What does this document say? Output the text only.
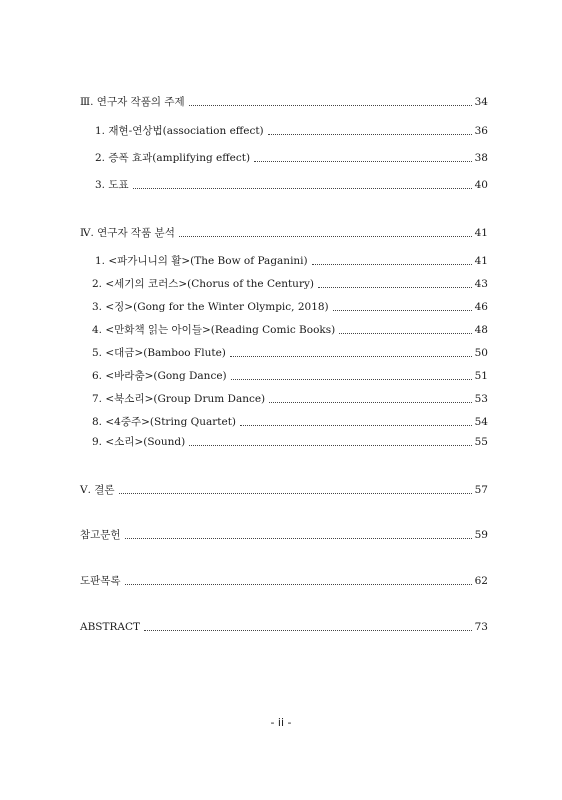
Ⅲ. 연구자 작품의 주제	34
1. 재현-연상법(association effect)	36
2. 증폭 효과(amplifying effect)	38
3. 도표	40
Ⅳ. 연구자 작품 분석	41
1. <파가니니의 활>(The Bow of Paganini)	41
2. <세기의 코러스>(Chorus of the Century)	43
3. <징>(Gong for the Winter Olympic, 2018)	46
4. <만화책 읽는 아이들>(Reading Comic Books)	48
5. <대금>(Bamboo Flute)	50
6. <바라춤>(Gong Dance)	51
7. <북소리>(Group Drum Dance)	53
8. <4중주>(String Quartet)	54
9. <소리>(Sound)	55
Ⅴ. 결론	57
참고문헌	59
도판목록	62
ABSTRACT	73
- ii -
